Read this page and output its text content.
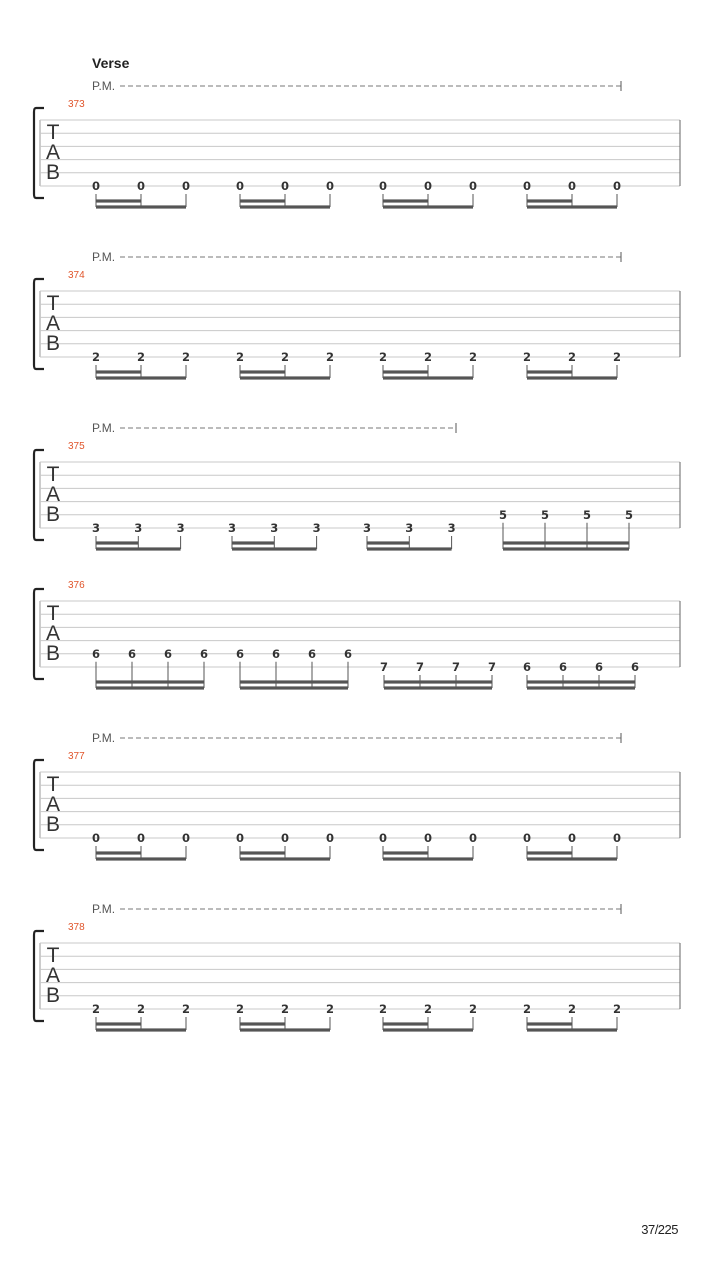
Verse
P.M.
373
T
A
B
0	0	0	0	0	0	0	0	0	0	0	0
P.M.
374
T
A
B
2	2	2	2	2	2	2	2	2	2	2	2
P.M.
375
T
A
B
3	3	3	3	3	3	3	3	3
5	5	5	5
376
T
A
B	6 6 6 6 6 6 6 6
7 7 7 7 6 6 6 6
P.M.
377
T
A
B
0	0	0	0	0	0	0	0	0	0	0	0
P.M.
378
T
A
B
2	2	2	2	2	2	2	2	2	2	2	2
37/225
